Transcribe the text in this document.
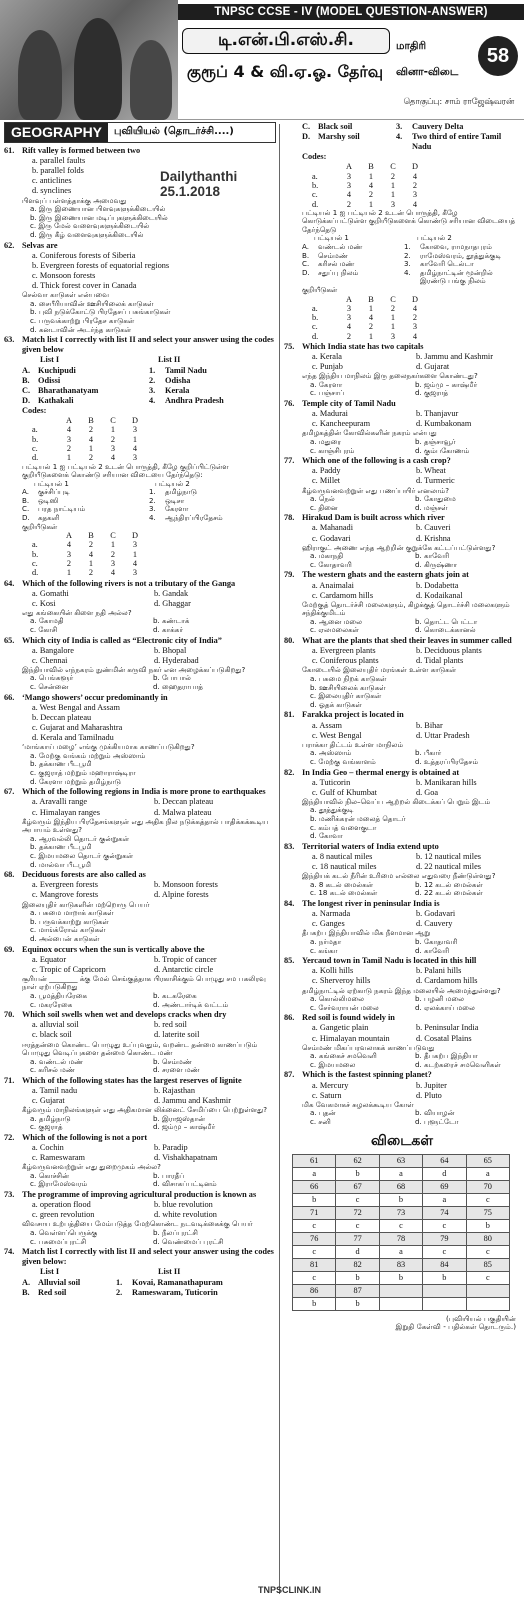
TNPSC CCSE - IV (MODEL QUESTION-ANSWER)
டி.என்.பி.எஸ்.சி.
குரூப் 4 & வி.ஏ.ஓ. தேர்வு
மாதிரி
வினா-விடை
58
தொகுப்பு: சாம் ராஜேஷ்வரன்
GEOGRAPHY	புவியியல் (தொடர்ச்சி....)
61. Rift valley is formed between two
a. parallel faults
b. parallel folds
c. anticlines
d. synclines
பிளவுப் பள்ளத்தாக்கு அமைவது
a. இரு இணையான பிளவுகளுக்கிடையில்
b. இரு இணையான மடிப்புகளுக்கிடையில்
c. இரு மேல் வளைவுகளுக்கிடையில்
d. இரு கீழ் வளைவுகளுக்கிடையில்
62. Selvas are
a. Coniferous forests of Siberia
b. Evergreen forests of equatorial regions
c. Monsoon forests
d. Thick forest cover in Canada
செல்வா காடுகள் என்பவை
a. சைபீரியாவின் ஊசியிலைக் காடுகள்
b. புவி நடுக்கோட்டு பிரதேசப் பசுங்காடுகள்
c. பருவக்காற்று பிரதேச காடுகள்
d. கனடாவின் அடர்ந்த காடுகள்
63. Match list I correctly with list II and select your answer using the codes given below
List I	List II
A. Kuchipudi	1.	Tamil Nadu
B.	Odissi	2.	Odisha
C. Bharathanatyam	3.	Kerala
D. Kathakali	4.	Andhra Pradesh
Codes:
A	B	C	D
a.	4	2	1	3
b.	3	4	2	1
c.	2	1	3	4
d.	1	2	4	3
பட்டியல் 1 ஐ பட்டியல் 2 உடன் பொருத்தி, கீழே குறிப்பிட்டுள்ள குறியீடுகளைக் கொண்டு சரியான விடையை தேர்ந்தெடு:
பட்டியல் 1	பட்டியல் 2
A.	குச்சிப்புடி	1.	தமிழ்நாடு
B.	ஒடிஸி	2.	ஒடிசா
C.	பரத நாட்டியம்	3.	கேரளா
D.	கதகளி	4.	ஆந்திரப்பிரதேசம்
குறியீடுகள்
A	B	C	D
a.	4	2	1	3
b.	3	4	2	1
c.	2	1	3	4
d.	1	2	4	3
64. Which of the following rivers is not a tributary of the Ganga
a. Gomathi	b. Gandak
c. Kosi	d. Ghaggar
எது கங்கையின் கிளை நதி அல்ல?
a. கோமதி	b. கண்டாக்
c. கோசி	d. காக்கர்
65. Which city of India is called as “Electronic city of India”
a. Bangalore	b. Bhopal
c. Chennai	d. Hyderabad
இந்தியாவில் எந்நகரம் நுண்மின் கருவி நகர் என அழைக்கப்படுகிறது?
a. பெங்களூர்	b. போபால்
c. சென்னை	d. ஹைதராபாத்
66. ‘Mango showers’ occur predominantly in
a. West Bengal and Assam
b. Deccan plateau
c. Gujarat and Maharashtra
d. Kerala and Tamilnadu
‘மாங்காய் மழை’ எங்கு முக்கியமாக காணப்படுகிறது?
a. மேற்கு வங்கம் மற்றும் அஸ்ஸாம்
b. தக்காண பீடபூமி
c. குஜராத் மற்றும் மஹாராஷ்டிரா
d. கேரளா மற்றும் தமிழ்நாடு
67. Which of the following regions in India is more prone to earthquakes
a. Aravalli range	b. Deccan plateau
c. Himalayan ranges	d. Malwa plateau
கீழ்வரும் இந்திய பிரதேசங்களுள் எது அதிக நில நடுக்கத்தால் பாதிக்கக்கூடிய அபாயம் உள்ளது?
a. ஆரவல்லி தொடர் குன்றுகள்
b. தக்காண பீடபூமி
c. இமயமலை தொடர் குன்றுகள்
d. மால்வா பீடபூமி
68. Deciduous forests are also called as
a. Evergreen forests	b. Monsoon forests
c. Mangrove forests	d. Alpine forests
இலையுதிர் காடுகளின் மற்றொரு பெயர்
a. பசுமை மாறாக் காடுகள்
b. பருவக்காற்று காடுகள்
c. மாங்க்ரோவ் காடுகள்
d. அல்பைன் காடுகள்
69. Equinox occurs when the sun is vertically above the
a. Equator	b. Tropic of cancer
c. Tropic of Capricorn	d. Antarctic circle
சூரியன் ________ க்கு மேல் செங்குத்தாக பிரகாசிக்கும் பொழுது சம பகலிரவு நாள் ஏற்படுகிறது
a. பூமத்தியரேகை	b. கடகரேகை
c. மகரரேகை	d. அண்டார்டிக் வட்டம்
70. Which soil swells when wet and develops cracks when dry
a. alluvial soil	b. red soil
c. black soil	d. laterite soil
ஈரத்தன்மை கொண்ட பொழுது உப்புவதும், வறண்ட தன்மை காணப்படும் பொழுது வெடிப்புகளை தன்மை கொண்ட மண்
a. வண்டல் மண்	b. செம்மண்
c. கரிசல் மண்	d. சரளை மண்
71. Which of the following states has the largest reserves of lignite
a. Tamil nadu	b. Rajasthan
c. Gujarat	d. Jammu and Kashmir
கீழ்வரும் மாநிலங்களுள் எது அதிகமான லிக்னைட் சேமிப்பை பெற்றுள்ளது?
a. தமிழ்நாடு	b. இராஜஸ்தான்
c. குஜராத்	d. ஜம்மு – காஷ்மீர்
72. Which of the following is not a port
a. Cochin	b. Paradip
c. Rameswaram	d. Vishakhapatnam
கீழ்வருவனவற்றுள் எது துறைமுகம் அல்ல?
a. கொச்சின்	b. பாரதீப்
c. இராமேஸ்வரம்	d. விசாகப்பட்டினம்
73. The programme of improving agricultural production is known as
a. operation flood	b. blue revolution
c. green revolution	d. white revolution
விவசாய உற்பத்தியை மேம்படுத்த மேற்கொண்ட நடவடிக்கைக்கு பெயர்
a. வெள்ளப்பெருக்கு	b. நீலப்புரட்சி
c. பசுமைப்புரட்சி	d. வெண்மைப் புரட்சி
74. Match list I correctly with list II and select your answer using the codes given below:
List I	List II
A. Alluvial soil	1.	Kovai, Ramanathapuram
B.	Red soil	2.	Rameswaram, Tuticorin
Dailythanthi
25.1.2018
C. Black soil	3.	Cauvery Delta
D. Marshy soil	4.	Two third of entire Tamil Nadu
Codes:
A	B	C	D
a.	3	1	2	4
b.	3	4	1	2
c.	4	2	1	3
d.	2	1	3	4
பட்டியல் 1 ஐ பட்டியல் 2 உடன் பொருத்தி, கீழே கொடுக்கப்பட்டுள்ள குறியீடுகளைக் கொண்டு சரியான விடையைத் தேர்ந்தெடு
பட்டியல் 1	பட்டியல் 2
A.	வண்டல் மண்	1.	கோவை, ராமநாதபுரம்
B.	செம்மண்	2.	ராமேஸ்வரம், தூத்துக்குடி
C.	கரிசல் மண்	3.	காவேரி டெல்டா
D.	சதுப்பு நிலம்	4.	தமிழ்நாட்டின் மூன்றில் இரண்டு பங்கு நிலம்
குறியீடுகள்
A	B	C	D
a.	3	1	2	4
b.	3	4	1	2
c.	4	2	1	3
d.	2	1	3	4
75. Which India state has two capitals
a. Kerala	b. Jammu and Kashmir
c. Punjab	d. Gujarat
எந்த இந்திய மாநிலம் இரு தலைநகர்களை கொண்டது?
a. கேரளா	b. ஜம்மு – காஷ்மீர்
c. பஞ்சாப்	d. குஜராத்
76. Temple city of Tamil Nadu
a. Madurai	b. Thanjavur
c. Kancheepuram	d. Kumbakonam
தமிழகத்தின் கோவில்களின் நகரம் என்பது
a. மதுரை	b. தஞ்சாவூர்
c. காஞ்சிபுரம்	d. கும்பகோணம்
77. Which one of the following is a cash crop?
a. Paddy	b. Wheat
c. Millet	d. Turmeric
கீழ்வருவனவற்றுள் எது பணப்பயிர் எனலாம்?
a. நெல்	b. கோதுமை
c. தினை	d. மஞ்சள்
78. Hirakud Dam is built across which river
a. Mahanadi	b. Cauveri
c. Godavari	d. Krishna
ஹிராகுட் அணை எந்த ஆற்றின் குறுக்கே கட்டப்பட்டுள்ளது?
a. மகாநதி	b. காவேரி
c. கோதாவரி	d. கிருஷ்ணா
79. The western ghats and the eastern ghats join at
a. Anaimalai	b. Dodabetta
c. Cardamom hills	d. Kodaikanal
மேற்குத் தொடர்ச்சி மலைகளும், கிழக்குத் தொடர்ச்சி மலைகளும் சந்திக்குமிடம்
a. ஆனை மலை	b. தொட்ட பெட்டா
c. ஏலமலைகள்	d. கொடைக்கானல்
80. What are the plants that shed their leaves in summer called
a. Evergreen plants	b. Deciduous plants
c. Coniferous plants	d. Tidal plants
கோடையில் இலையுதிர் மரங்கள் உள்ள காடுகள்
a. பசுமை நிறக் காடுகள்
b. ஊசியிலைக் காடுகள்
c. இலையுதிர் காடுகள்
d. ஓதக் காடுகள்
81. Farakka project is located in
a. Assam	b. Bihar
c. West Bengal	d. Uttar Pradesh
பராக்கா திட்டம் உள்ள மாநிலம்
a. அஸ்ஸாம்	b. பீகார்
c. மேற்கு வங்காளம்	d. உத்தரப்பிரதேசம்
82. In India Geo – thermal energy is obtained at
a. Tuticorin	b. Manikaran hills
c. Gulf of Khumbat	d. Goa
இந்தியாவில் நில–வெப்ப ஆற்றல் கிடைக்கப் பெறும் இடம்
a. தூத்துக்குடி
b. மணிக்கரன் மலைத் தொடர்
c. கம்பத் வளைகுடா
d. கோவா
83. Territorial waters of India extend upto
a. 8 nautical miles	b. 12 nautical miles
c. 18 nautical miles	d. 22 nautical miles
இந்தியக் கடல் நீரின் உரிமை எல்லை எதுவரை நீண்டுள்ளது?
a. 8 கடல் மைல்கள்	b. 12 கடல் மைல்கள்
c. 18 கடல் மைல்கள்	d. 22 கடல் மைல்கள்
84. The longest river in peninsular India is
a. Narmada	b. Godavari
c. Ganges	d. Cauvery
தீபகற்ப இந்தியாவில் மிக நீளமான ஆறு
a. நர்மதா	b. கோதாவரி
c. கங்கா	d. காவேரி
85. Yercaud town in Tamil Nadu is located in this hill
a. Kolli hills	b. Palani hills
c. Sherveroy hills	d. Cardamom hills
தமிழ்நாட்டில் ஏற்காடு நகரம் இந்த மலையில் அமைந்துள்ளது?
a. கொல்லிமலை	b. பழனி மலை
c. சேர்வராயன் மலை	d. ஏலக்காய் மலை
86. Red soil is found widely in
a. Gangetic plain	b. Peninsular India
c. Himalayan mountain	d. Cosatal Plains
செம்மண் மிகப்பரவலாகக் காணப்படுவது
a. கங்கைச் சமவெளி	b. தீபகற்ப இந்தியா
c. இமயமலை	d. கடற்கரைச் சமவெளிகள்
87. Which is the fastest spinning planet?
a. Mercury	b. Jupiter
c. Saturn	d. Pluto
மிக வேகமாகச் சுழலக்கூடிய கோள்
a. புதன்	b. வியாழன்
c. சனி	d. புளூட்டோ
விடைகள்
61	62	63	64	65
a	b	a	d	a
66	67	68	69	70
b	c	b	a	c
71	72	73	74	75
c	c	c	c	b
76	77	78	79	80
c	d	a	c	c
81	82	83	84	85
c	b	b	b	c
86	87			
b	b			
(புவியியல் பகுதியின்
இறுதி கேள்வி - பதில்கள் தொடரும்.)
TNPSCLINK.IN
